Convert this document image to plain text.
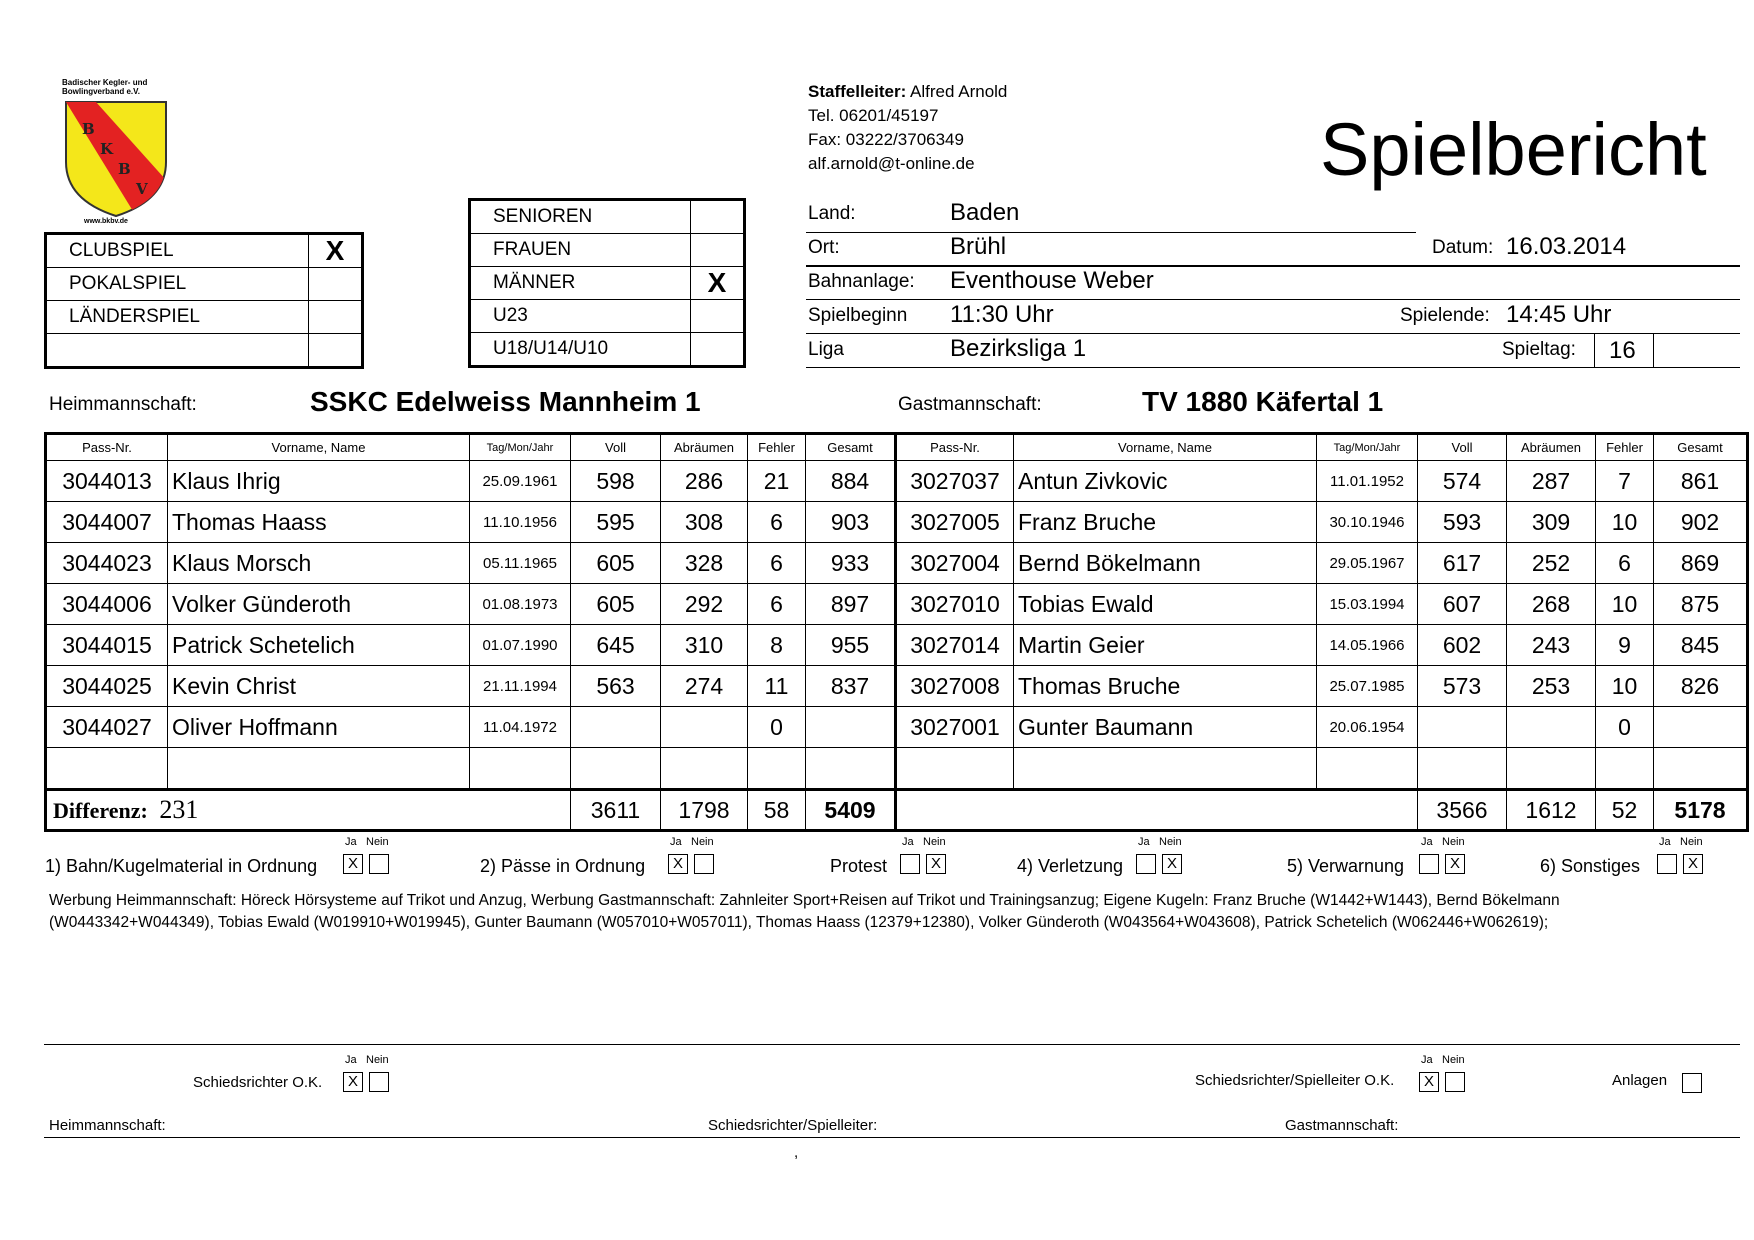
Badischer Kegler- und
Bowlingverband e.V.
B
K
B
V
www.bkbv.de
Staffelleiter: Alfred Arnold
Tel. 06201/45197
Fax: 03222/3706349
alf.arnold@t-online.de	Spielbericht
CLUBSPIEL	X
POKALSPIEL	
LÄNDERSPIEL	

SENIOREN	
FRAUEN	
MÄNNER	X
U23	
U18/U14/U10	
Land:	Baden
Ort:	Brühl	Datum: 16.03.2014
Bahnanlage: Eventhouse Weber
Spielbeginn 11:30 Uhr	Spielende: 14:45 Uhr
Liga	Bezirksliga 1	Spieltag: 16
Heimmannschaft:	SSKC Edelweiss Mannheim 1	Gastmannschaft:	TV 1880 Käfertal 1
Pass-Nr.	Vorname, Name	Tag/Mon/Jahr	Voll	Abräumen	Fehler	Gesamt	Pass-Nr.	Vorname, Name	Tag/Mon/Jahr	Voll	Abräumen	Fehler	Gesamt
3044013	Klaus Ihrig	25.09.1961	598	286	21	884	3027037	Antun Zivkovic	11.01.1952	574	287	7	861
3044007	Thomas Haass	11.10.1956	595	308	6	903	3027005	Franz Bruche	30.10.1946	593	309	10	902
3044023	Klaus Morsch	05.11.1965	605	328	6	933	3027004	Bernd Bökelmann	29.05.1967	617	252	6	869
3044006	Volker Günderoth	01.08.1973	605	292	6	897	3027010	Tobias Ewald	15.03.1994	607	268	10	875
3044015	Patrick Schetelich	01.07.1990	645	310	8	955	3027014	Martin Geier	14.05.1966	602	243	9	845
3044025	Kevin Christ	21.11.1994	563	274	11	837	3027008	Thomas Bruche	25.07.1985	573	253	10	826
3044027	Oliver Hoffmann	11.04.1972			0		3027001	Gunter Baumann	20.06.1954			0	

Differenz: 231			3611	1798	58	5409				3566	1612	52	5178
1) Bahn/Kugelmaterial in Ordnung
Ja Nein
X	2) Pässe in Ordnung
Ja Nein
X	Protest
Ja Nein
X	4) Verletzung
Ja Nein
X	5) Verwarnung
Ja Nein
X	6) Sonstiges
Ja Nein
X
Werbung Heimmannschaft: Höreck Hörsysteme auf Trikot und Anzug, Werbung Gastmannschaft: Zahnleiter Sport+Reisen auf Trikot und Trainingsanzug; Eigene Kugeln: Franz Bruche (W1442+W1443), Bernd Bökelmann (W0443342+W044349), Tobias Ewald (W019910+W019945), Gunter Baumann (W057010+W057011), Thomas Haass (12379+12380), Volker Günderoth (W043564+W043608), Patrick Schetelich (W062446+W062619);
Ja Nein
Schiedsrichter O.K.	X
Ja Nein
Schiedsrichter/Spielleiter O.K.	X	Anlagen
Heimmannschaft:	Schiedsrichter/Spielleiter:	Gastmannschaft:
,
